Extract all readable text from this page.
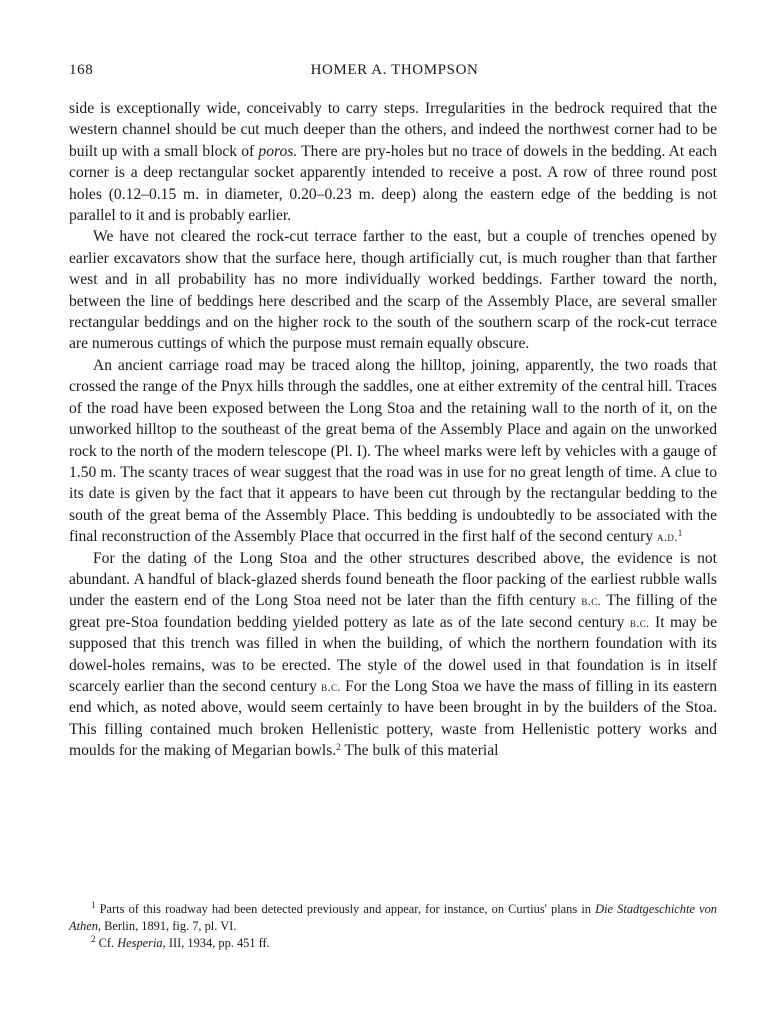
168	HOMER A. THOMPSON

side is exceptionally wide, conceivably to carry steps. Irregularities in the bedrock required that the western channel should be cut much deeper than the others, and indeed the northwest corner had to be built up with a small block of poros. There are pry-holes but no trace of dowels in the bedding. At each corner is a deep rectangular socket apparently intended to receive a post. A row of three round post holes (0.12–0.15 m. in diameter, 0.20–0.23 m. deep) along the eastern edge of the bedding is not parallel to it and is probably earlier.

We have not cleared the rock-cut terrace farther to the east, but a couple of trenches opened by earlier excavators show that the surface here, though artificially cut, is much rougher than that farther west and in all probability has no more individually worked beddings. Farther toward the north, between the line of beddings here described and the scarp of the Assembly Place, are several smaller rectangular beddings and on the higher rock to the south of the southern scarp of the rock-cut terrace are numerous cuttings of which the purpose must remain equally obscure.

An ancient carriage road may be traced along the hilltop, joining, apparently, the two roads that crossed the range of the Pnyx hills through the saddles, one at either extremity of the central hill. Traces of the road have been exposed between the Long Stoa and the retaining wall to the north of it, on the unworked hilltop to the southeast of the great bema of the Assembly Place and again on the unworked rock to the north of the modern telescope (Pl. I). The wheel marks were left by vehicles with a gauge of 1.50 m. The scanty traces of wear suggest that the road was in use for no great length of time. A clue to its date is given by the fact that it appears to have been cut through by the rectangular bedding to the south of the great bema of the Assembly Place. This bedding is undoubtedly to be associated with the final reconstruction of the Assembly Place that occurred in the first half of the second century a.d.$^1$

For the dating of the Long Stoa and the other structures described above, the evidence is not abundant. A handful of black-glazed sherds found beneath the floor packing of the earliest rubble walls under the eastern end of the Long Stoa need not be later than the fifth century b.c. The filling of the great pre-Stoa foundation bedding yielded pottery as late as of the late second century b.c. It may be supposed that this trench was filled in when the building, of which the northern foundation with its dowel-holes remains, was to be erected. The style of the dowel used in that foundation is in itself scarcely earlier than the second century b.c. For the Long Stoa we have the mass of filling in its eastern end which, as noted above, would seem certainly to have been brought in by the builders of the Stoa. This filling contained much broken Hellenistic pottery, waste from Hellenistic pottery works and moulds for the making of Megarian bowls.$^2$ The bulk of this material

$^1$ Parts of this roadway had been detected previously and appear, for instance, on Curtius' plans in Die Stadtgeschichte von Athen, Berlin, 1891, fig. 7, pl. VI.

$^2$ Cf. Hesperia, III, 1934, pp. 451 ff.
